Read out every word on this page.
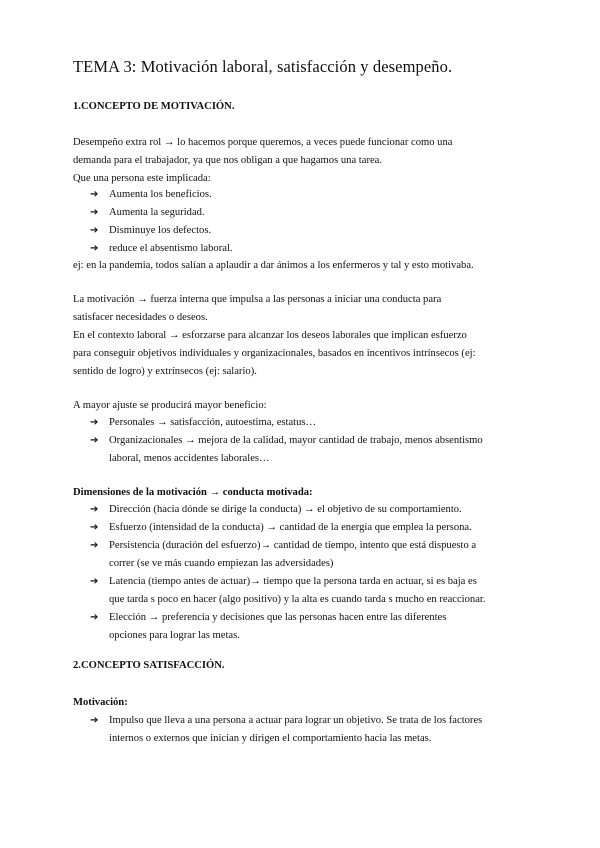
TEMA 3: Motivación laboral, satisfacción y desempeño.
1.CONCEPTO DE MOTIVACIÓN.
Desempeño extra rol → lo hacemos porque queremos, a veces puede funcionar como una
demanda para el trabajador, ya que nos obligan a que hagamos una tarea.
Que una persona este implicada:
➔ Aumenta los beneficios.
➔ Aumenta la seguridad.
➔ Disminuye los defectos.
➔ reduce el absentismo laboral.
ej: en la pandemia, todos salían a aplaudir a dar ánimos a los enfermeros y tal y esto motivaba.
La motivación → fuerza interna que impulsa a las personas a iniciar una conducta para
satisfacer necesidades o deseos.
En el contexto laboral → esforzarse para alcanzar los deseos laborales que implican esfuerzo
para conseguir objetivos individuales y organizacionales, basados en incentivos intrínsecos (ej:
sentido de logro) y extrínsecos (ej: salario).
A mayor ajuste se producirá mayor beneficio:
➔ Personales → satisfacción, autoestima, estatus…
➔ Organizacionales → mejora de la calidad, mayor cantidad de trabajo, menos absentismo
laboral, menos accidentes laborales…
Dimensiones de la motivación → conducta motivada:
➔ Dirección (hacia dónde se dirige la conducta) → el objetivo de su comportamiento.
➔ Esfuerzo (intensidad de la conducta) → cantidad de la energía que emplea la persona.
➔ Persistencia (duración del esfuerzo)→ cantidad de tiempo, intento que está dispuesto a
correr (se ve más cuando empiezan las adversidades)
➔ Latencia (tiempo antes de actuar)→ tiempo que la persona tarda en actuar, si es baja es
que tarda s poco en hacer (algo positivo) y la alta es cuando tarda s mucho en reaccionar.
➔ Elección → preferencia y decisiones que las personas hacen entre las diferentes
opciones para lograr las metas.
2.CONCEPTO SATISFACCIÓN.
Motivación:
➔ Impulso que lleva a una persona a actuar para lograr un objetivo. Se trata de los factores
internos o externos que inician y dirigen el comportamiento hacia las metas.
